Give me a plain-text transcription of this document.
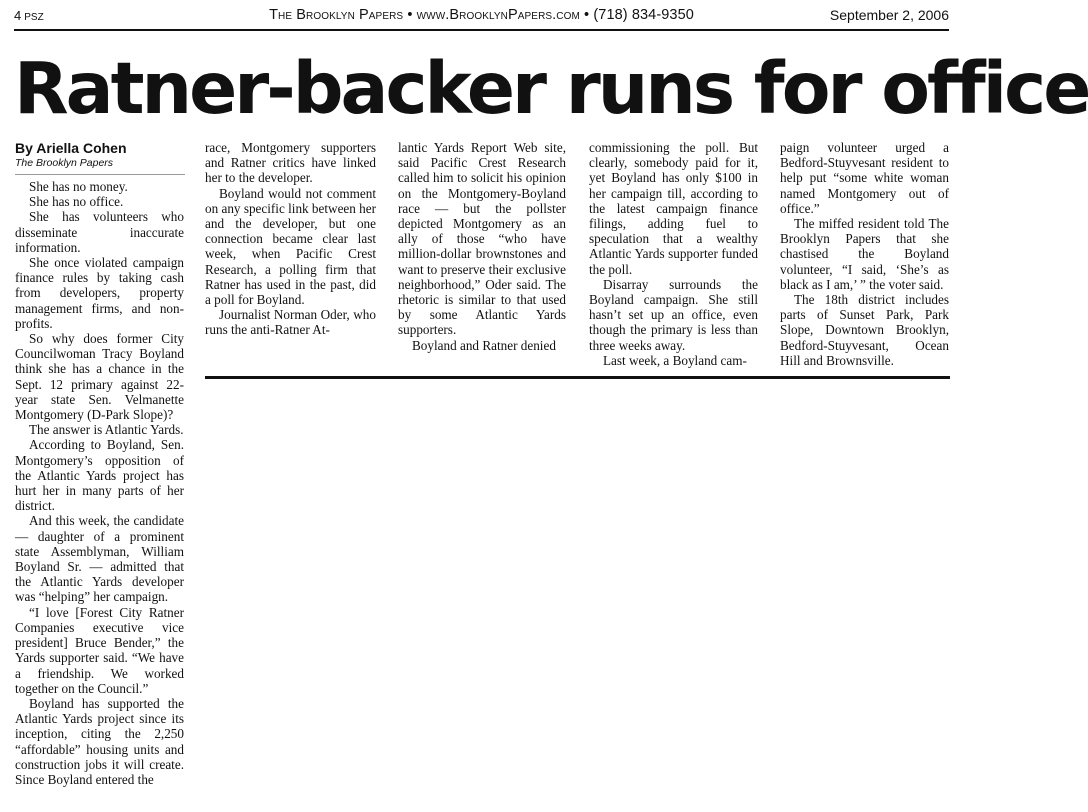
4 PSZ	The Brooklyn Papers • www.BrooklynPapers.com • (718) 834-9350	September 2, 2006
Ratner-backer runs for office
By Ariella Cohen
The Brooklyn Papers

She has no money.

She has no office.

She has volunteers who disseminate inaccurate information.

She once violated campaign finance rules by taking cash from developers, property management firms, and non-profits.

So why does former City Councilwoman Tracy Boyland think she has a chance in the Sept. 12 primary against 22-year state Sen. Velmanette Montgomery (D-Park Slope)?

The answer is Atlantic Yards.

According to Boyland, Sen. Montgomery’s opposition of the Atlantic Yards project has hurt her in many parts of her district.

And this week, the candidate — daughter of a prominent state Assemblyman, William Boyland Sr. — admitted that the Atlantic Yards developer was “helping” her campaign.

“I love [Forest City Ratner Companies executive vice president] Bruce Bender,” the Yards supporter said. “We have a friendship. We worked together on the Council.”

Boyland has supported the Atlantic Yards project since its inception, citing the 2,250 “affordable” housing units and construction jobs it will create. Since Boyland entered the

race, Montgomery supporters and Ratner critics have linked her to the developer.

Boyland would not comment on any specific link between her and the developer, but one connection became clear last week, when Pacific Crest Research, a polling firm that Ratner has used in the past, did a poll for Boyland.

Journalist Norman Oder, who runs the anti-Ratner At-

lantic Yards Report Web site, said Pacific Crest Research called him to solicit his opinion on the Montgomery-Boyland race — but the pollster depicted Montgomery as an ally of those “who have million-dollar brownstones and want to preserve their exclusive neighborhood,” Oder said. The rhetoric is similar to that used by some Atlantic Yards supporters.

Boyland and Ratner denied

commissioning the poll. But clearly, somebody paid for it, yet Boyland has only $100 in her campaign till, according to the latest campaign finance filings, adding fuel to speculation that a wealthy Atlantic Yards supporter funded the poll.

Disarray surrounds the Boyland campaign. She still hasn’t set up an office, even though the primary is less than three weeks away.

Last week, a Boyland cam-

paign volunteer urged a Bedford-Stuyvesant resident to help put “some white woman named Montgomery out of office.”

The miffed resident told The Brooklyn Papers that she chastised the Boyland volunteer, “I said, ‘She’s as black as I am,’ ” the voter said.

The 18th district includes parts of Sunset Park, Park Slope, Downtown Brooklyn, Bedford-Stuyvesant, Ocean Hill and Brownsville.
